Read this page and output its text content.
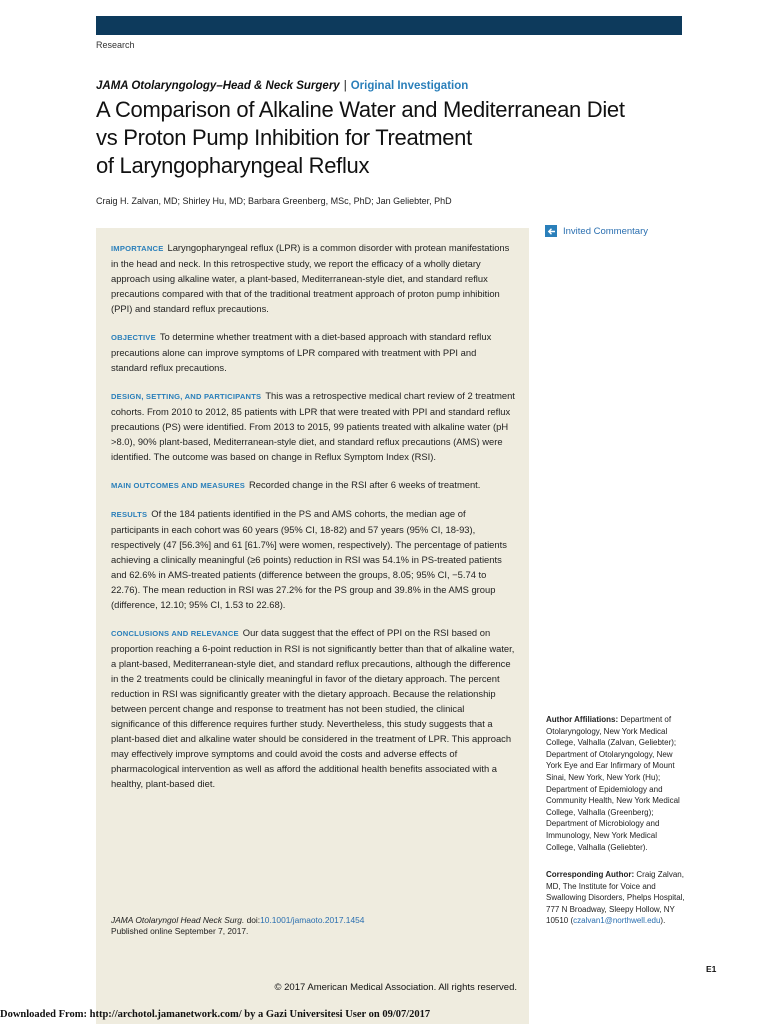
Research
JAMA Otolaryngology–Head & Neck Surgery | Original Investigation
A Comparison of Alkaline Water and Mediterranean Diet
vs Proton Pump Inhibition for Treatment
of Laryngopharyngeal Reflux
Craig H. Zalvan, MD; Shirley Hu, MD; Barbara Greenberg, MSc, PhD; Jan Geliebter, PhD

IMPORTANCE Laryngopharyngeal reflux (LPR) is a common disorder with protean manifestations in the head and neck. In this retrospective study, we report the efficacy of a wholly dietary approach using alkaline water, a plant-based, Mediterranean-style diet, and standard reflux precautions compared with that of the traditional treatment approach of proton pump inhibition (PPI) and standard reflux precautions.

OBJECTIVE To determine whether treatment with a diet-based approach with standard reflux precautions alone can improve symptoms of LPR compared with treatment with PPI and standard reflux precautions.

DESIGN, SETTING, AND PARTICIPANTS This was a retrospective medical chart review of 2 treatment cohorts. From 2010 to 2012, 85 patients with LPR that were treated with PPI and standard reflux precautions (PS) were identified. From 2013 to 2015, 99 patients treated with alkaline water (pH >8.0), 90% plant-based, Mediterranean-style diet, and standard reflux precautions (AMS) were identified. The outcome was based on change in Reflux Symptom Index (RSI).

MAIN OUTCOMES AND MEASURES Recorded change in the RSI after 6 weeks of treatment.

RESULTS Of the 184 patients identified in the PS and AMS cohorts, the median age of participants in each cohort was 60 years (95% CI, 18-82) and 57 years (95% CI, 18-93), respectively (47 [56.3%] and 61 [61.7%] were women, respectively). The percentage of patients achieving a clinically meaningful (≥6 points) reduction in RSI was 54.1% in PS-treated patients and 62.6% in AMS-treated patients (difference between the groups, 8.05; 95% CI, −5.74 to 22.76). The mean reduction in RSI was 27.2% for the PS group and 39.8% in the AMS group (difference, 12.10; 95% CI, 1.53 to 22.68).

CONCLUSIONS AND RELEVANCE Our data suggest that the effect of PPI on the RSI based on proportion reaching a 6-point reduction in RSI is not significantly better than that of alkaline water, a plant-based, Mediterranean-style diet, and standard reflux precautions, although the difference in the 2 treatments could be clinically meaningful in favor of the dietary approach. The percent reduction in RSI was significantly greater with the dietary approach. Because the relationship between percent change and response to treatment has not been studied, the clinical significance of this difference requires further study. Nevertheless, this study suggests that a plant-based diet and alkaline water should be considered in the treatment of LPR. This approach may effectively improve symptoms and could avoid the costs and adverse effects of pharmacological intervention as well as afford the additional health benefits associated with a healthy, plant-based diet.

JAMA Otolaryngol Head Neck Surg. doi:10.1001/jamaoto.2017.1454
Published online September 7, 2017.
© 2017 American Medical Association. All rights reserved.
Invited Commentary
Author Affiliations: Department of Otolaryngology, New York Medical College, Valhalla (Zalvan, Geliebter); Department of Otolaryngology, New York Eye and Ear Infirmary of Mount Sinai, New York, New York (Hu); Department of Epidemiology and Community Health, New York Medical College, Valhalla (Greenberg); Department of Microbiology and Immunology, New York Medical College, Valhalla (Geliebter).
Corresponding Author: Craig Zalvan, MD, The Institute for Voice and Swallowing Disorders, Phelps Hospital, 777 N Broadway, Sleepy Hollow, NY 10510 (czalvan1@northwell.edu).
E1
Downloaded From: http://archotol.jamanetwork.com/ by a Gazi Universitesi User on 09/07/2017
